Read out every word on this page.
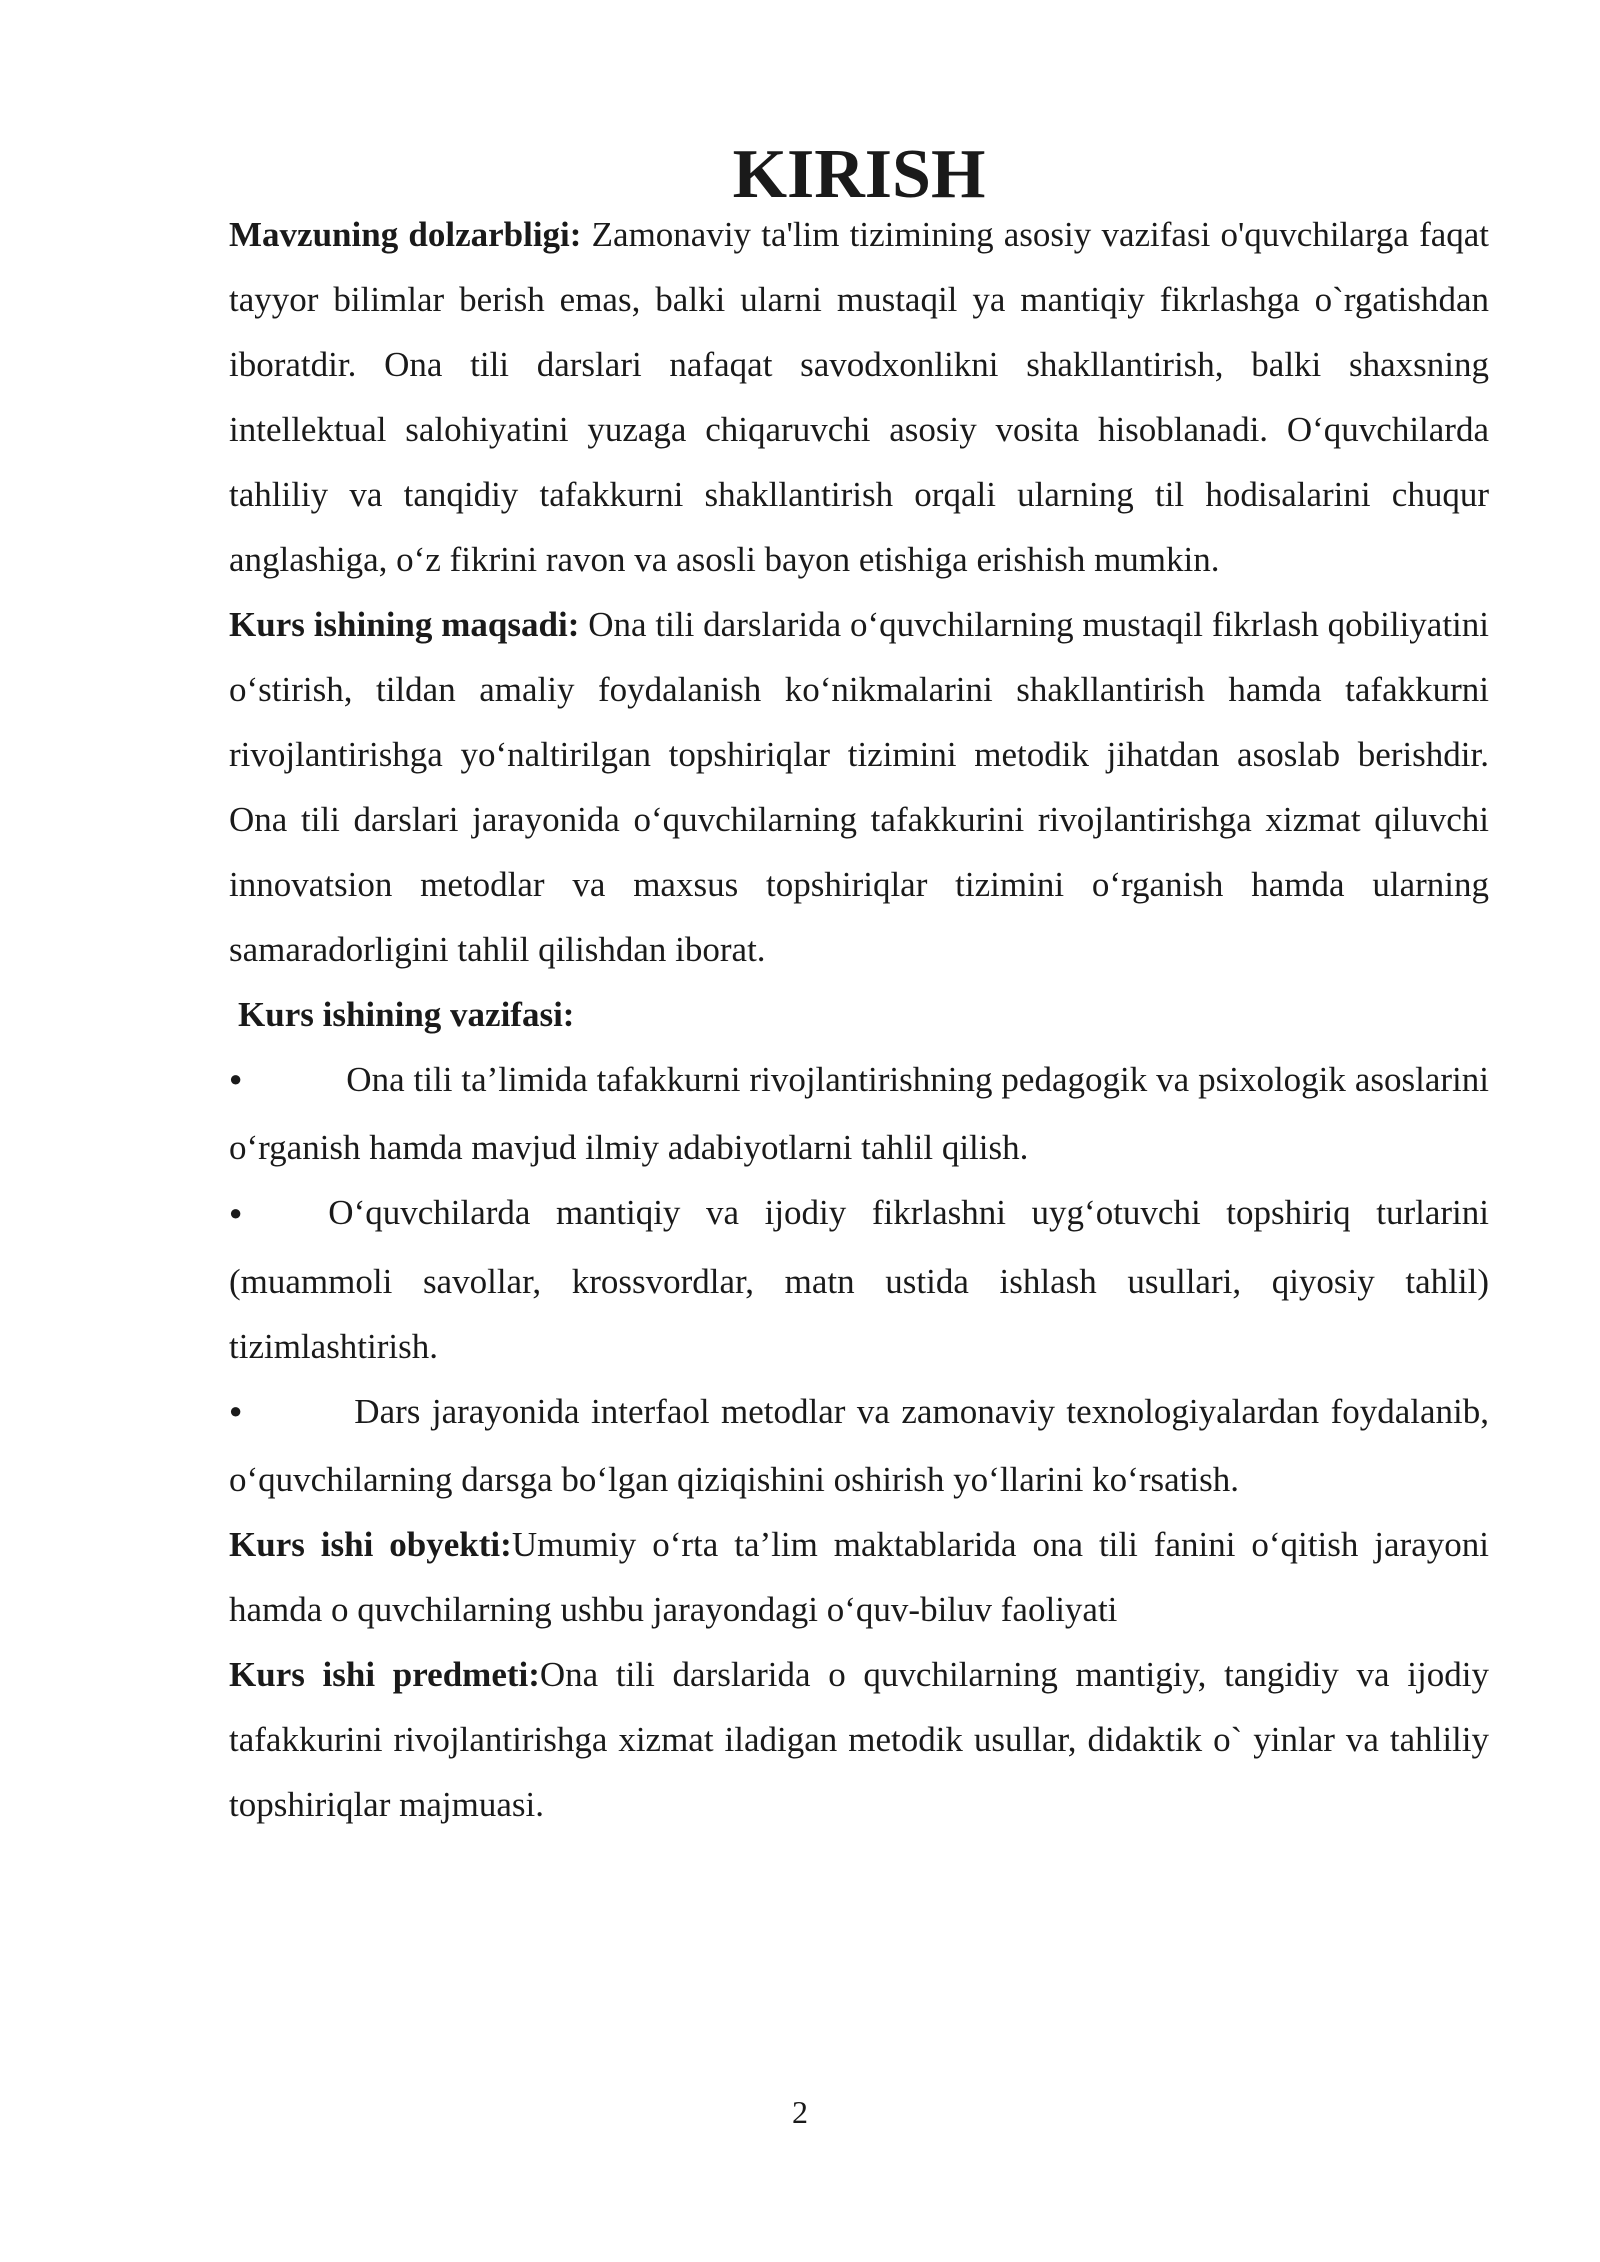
KIRISH

Mavzuning dolzarbligi: Zamonaviy ta'lim tizimining asosiy vazifasi o'quvchilarga faqat tayyor bilimlar berish emas, balki ularni mustaqil ya mantiqiy fikrlashga o`rgatishdan iboratdir. Ona tili darslari nafaqat savodxonlikni shakllantirish, balki shaxsning intellektual salohiyatini yuzaga chiqaruvchi asosiy vosita hisoblanadi. Oʻquvchilarda tahliliy va tanqidiy tafakkurni shakllantirish orqali ularning til hodisalarini chuqur anglashiga, oʻz fikrini ravon va asosli bayon etishiga erishish mumkin.

Kurs ishining maqsadi: Ona tili darslarida oʻquvchilarning mustaqil fikrlash qobiliyatini oʻstirish, tildan amaliy foydalanish koʻnikmalarini shakllantirish hamda tafakkurni rivojlantirishga yoʻnaltirilgan topshiriqlar tizimini metodik jihatdan asoslab berishdir. Ona tili darslari jarayonida oʻquvchilarning tafakkurini rivojlantirishga xizmat qiluvchi innovatsion metodlar va maxsus topshiriqlar tizimini oʻrganish hamda ularning samaradorligini tahlil qilishdan iborat.

Kurs ishining vazifasi:

●	Ona tili ta’limida tafakkurni rivojlantirishning pedagogik va psixologik asoslarini oʻrganish hamda mavjud ilmiy adabiyotlarni tahlil qilish.

● Oʻquvchilarda mantiqiy va ijodiy fikrlashni uygʻotuvchi topshiriq turlarini (muammoli savollar, krossvordlar, matn ustida ishlash usullari, qiyosiy tahlil) tizimlashtirish.

●	Dars jarayonida interfaol metodlar va zamonaviy texnologiyalardan foydalanib, oʻquvchilarning darsga boʻlgan qiziqishini oshirish yoʻllarini koʻrsatish.

Kurs ishi obyekti:Umumiy oʻrta ta’lim maktablarida ona tili fanini oʻqitish jarayoni hamda o quvchilarning ushbu jarayondagi oʻquv-biluv faoliyati

Kurs ishi predmeti:Ona tili darslarida o quvchilarning mantigiy, tangidiy va ijodiy tafakkurini rivojlantirishga xizmat iladigan metodik usullar, didaktik o` yinlar va tahliliy topshiriqlar majmuasi.

2
